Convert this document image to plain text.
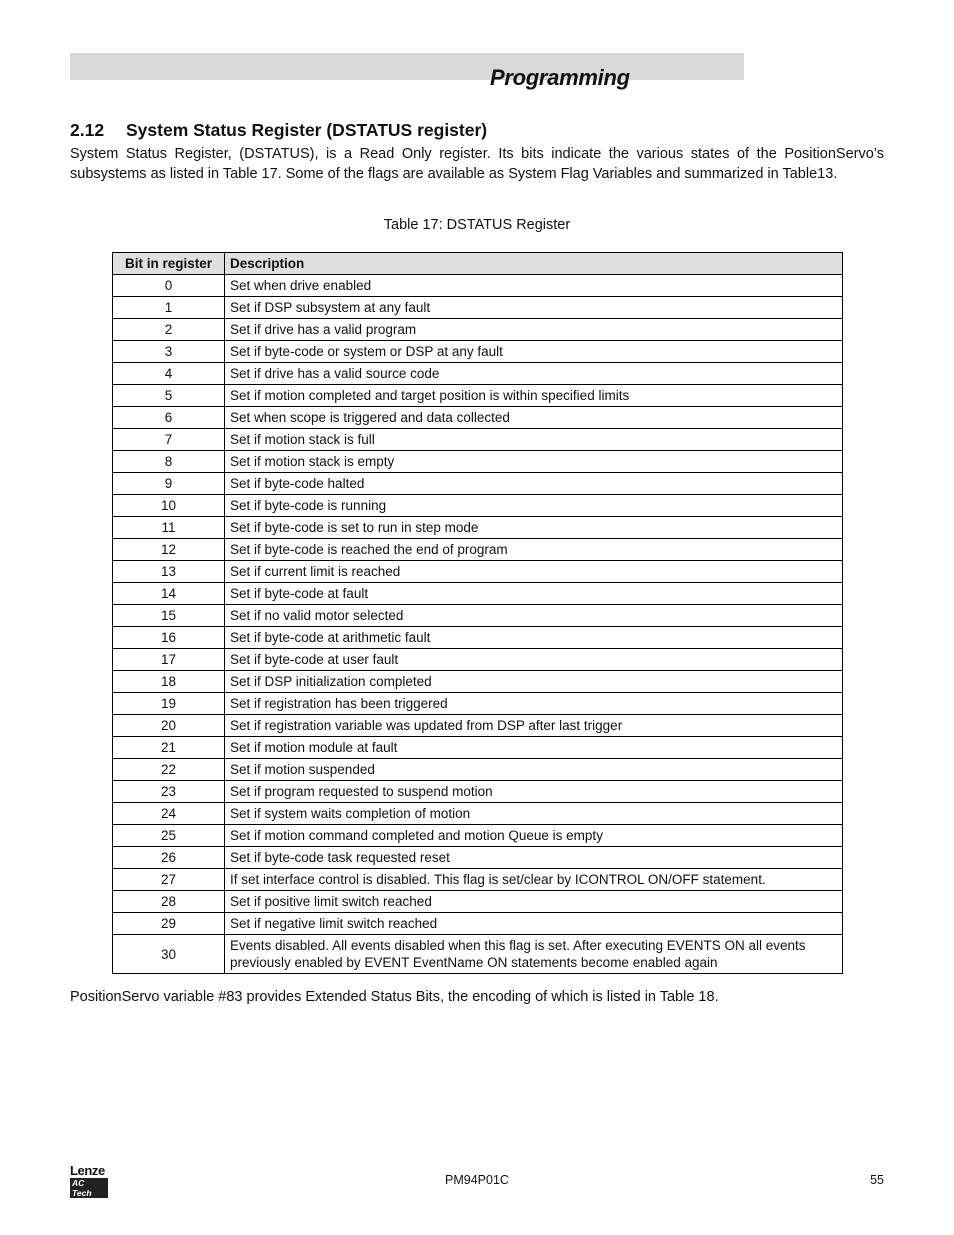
Programming
2.12 System Status Register (DSTATUS register)

System Status Register, (DSTATUS), is a Read Only register. Its bits indicate the various states of the PositionServo’s subsystems as listed in Table 17. Some of the flags are available as System Flag Variables and summarized in Table13.

Table 17: DSTATUS Register

Bit in register	Description
0	Set when drive enabled
1	Set if DSP subsystem at any fault
2	Set if drive has a valid program
3	Set if byte-code or system or DSP at any fault
4	Set if drive has a valid source code
5	Set if motion completed and target position is within specified limits
6	Set when scope is triggered and data collected
7	Set if motion stack is full
8	Set if motion stack is empty
9	Set if byte-code halted
10	Set if byte-code is running
11	Set if byte-code is set to run in step mode
12	Set if byte-code is reached the end of program
13	Set if current limit is reached
14	Set if byte-code at fault
15	Set if no valid motor selected
16	Set if byte-code at arithmetic fault
17	Set if byte-code at user fault
18	Set if DSP initialization completed
19	Set if registration has been triggered
20	Set if registration variable was updated from DSP after last trigger
21	Set if motion module at fault
22	Set if motion suspended
23	Set if program requested to suspend motion
24	Set if system waits completion of motion
25	Set if motion command completed and motion Queue is empty
26	Set if byte-code task requested reset
27	If set interface control is disabled. This flag is set/clear by ICONTROL ON/OFF statement.
28	Set if positive limit switch reached
29	Set if negative limit switch reached
30	Events disabled. All events disabled when this flag is set. After executing EVENTS ON all events previously enabled by EVENT EventName ON statements become enabled again

PositionServo variable #83 provides Extended Status Bits, the encoding of which is listed in Table 18.

Lenze
AC Tech
PM94P01C	55
